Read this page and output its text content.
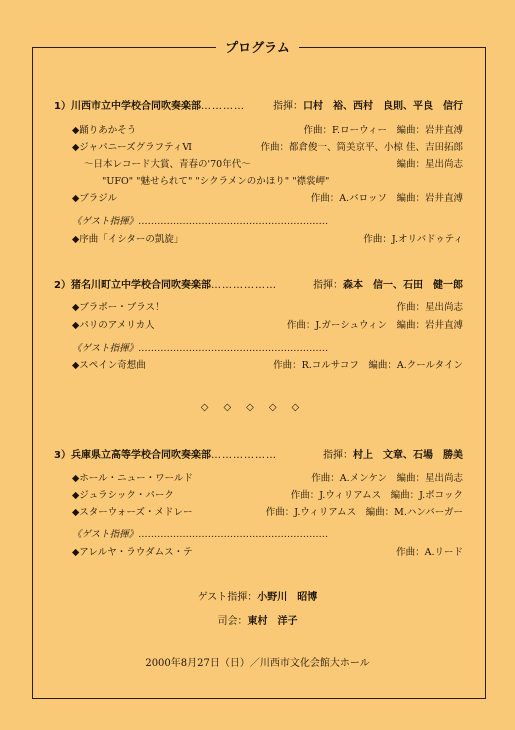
プログラム
1）川西市立中学校合同吹奏楽部…………	指揮：口村　裕、西村　良則、平良　信行
◆踊りあかそう	作曲：F.ローウィー　編曲：岩井直溥
◆ジャパニーズグラフティⅥ	作曲：都倉俊一、筒美京平、小椋 佳、吉田拓郎
～日本レコード大賞、青春の'70年代～	編曲：星出尚志
"UFO" "魅せられて" "シクラメンのかほり" "襟裳岬"
◆ブラジル	作曲：A.バロッソ　編曲：岩井直溥
《ゲスト指揮》……………………………………………………
◆序曲「イシターの凱旋」	作曲：J.オリバドゥティ
2）猪名川町立中学校合同吹奏楽部………………	指揮：森本　信一、石田　健一郎
◆ブラボー・ブラス！	作曲：星出尚志
◆パリのアメリカ人	作曲：J.ガーシュウィン　編曲：岩井直溥
《ゲスト指揮》……………………………………………………
◆スペイン奇想曲	作曲：R.コルサコフ　編曲：A.クールタイン
◇◇◇◇◇
3）兵庫県立高等学校合同吹奏楽部………………	指揮：村上　文章、石場　勝美
◆ホール・ニュー・ワールド	作曲：A.メンケン　編曲：星出尚志
◆ジュラシック・パーク	作曲：J.ウィリアムス　編曲：J.ボコック
◆スターウォーズ・メドレー	作曲：J.ウィリアムス　編曲：M.ハンバーガー
《ゲスト指揮》……………………………………………………
◆アレルヤ・ラウダムス・テ	作曲：A.リード
ゲスト指揮：小野川　昭博
司会：東村　洋子
2000年8月27日（日）／川西市文化会館大ホール
